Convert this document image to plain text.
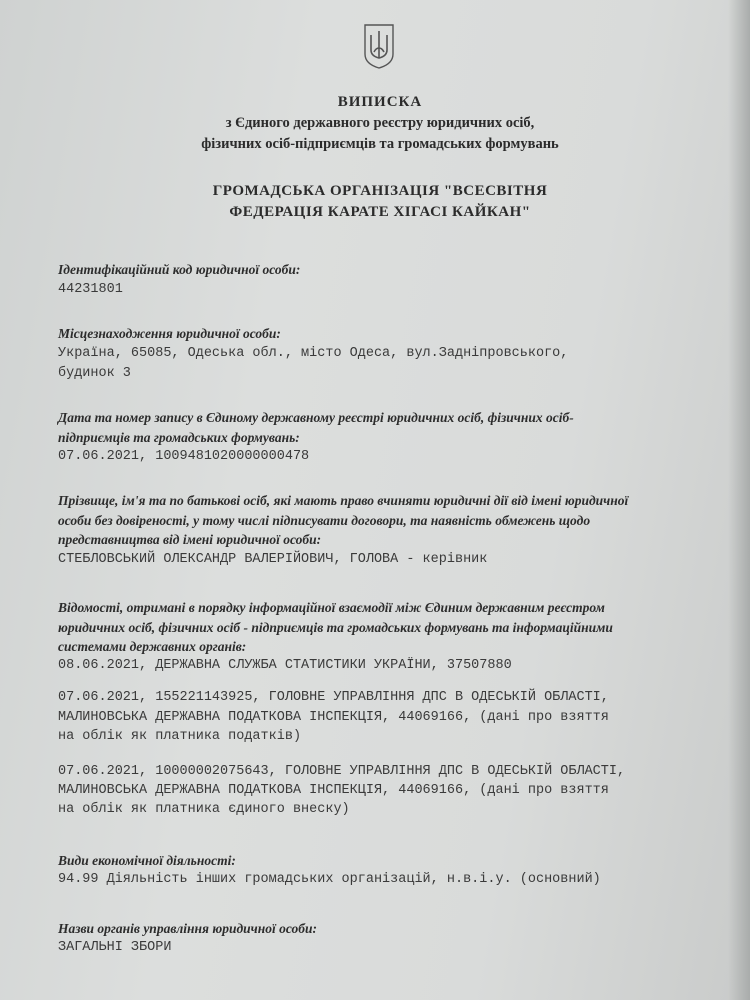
ВИПИСКА
з Єдиного державного реєстру юридичних осіб,
фізичних осіб-підприємців та громадських формувань
ГРОМАДСЬКА ОРГАНІЗАЦІЯ "ВСЕСВІТНЯ
ФЕДЕРАЦІЯ КАРАТЕ ХІГАСІ КАЙКАН"
Ідентифікаційний код юридичної особи:
44231801
Місцезнаходження юридичної особи:
Україна, 65085, Одеська обл., місто Одеса, вул.Задніпровського,
будинок 3
Дата та номер запису в Єдиному державному реєстрі юридичних осіб, фізичних осіб-
підприємців та громадських формувань:
07.06.2021, 1009481020000000478
Прізвище, ім'я та по батькові осіб, які мають право вчиняти юридичні дії від імені юридичної
особи без довіреності, у тому числі підписувати договори, та наявність обмежень щодо
представництва від імені юридичної особи:
СТЕБЛОВСЬКИЙ ОЛЕКСАНДР ВАЛЕРІЙОВИЧ, ГОЛОВА - керівник
Відомості, отримані в порядку інформаційної взаємодії між Єдиним державним реєстром
юридичних осіб, фізичних осіб - підприємців та громадських формувань та інформаційними
системами державних органів:
08.06.2021, ДЕРЖАВНА СЛУЖБА СТАТИСТИКИ УКРАЇНИ, 37507880
07.06.2021, 155221143925, ГОЛОВНЕ УПРАВЛІННЯ ДПС В ОДЕСЬКІЙ ОБЛАСТІ,
МАЛИНОВСЬКА ДЕРЖАВНА ПОДАТКОВА ІНСПЕКЦІЯ, 44069166, (дані про взяття
на облік як платника податків)
07.06.2021, 10000002075643, ГОЛОВНЕ УПРАВЛІННЯ ДПС В ОДЕСЬКІЙ ОБЛАСТІ,
МАЛИНОВСЬКА ДЕРЖАВНА ПОДАТКОВА ІНСПЕКЦІЯ, 44069166, (дані про взяття
на облік як платника єдиного внеску)
Види економічної діяльності:
94.99 Діяльність інших громадських організацій, н.в.і.у. (основний)
Назви органів управління юридичної особи:
ЗАГАЛЬНІ ЗБОРИ
